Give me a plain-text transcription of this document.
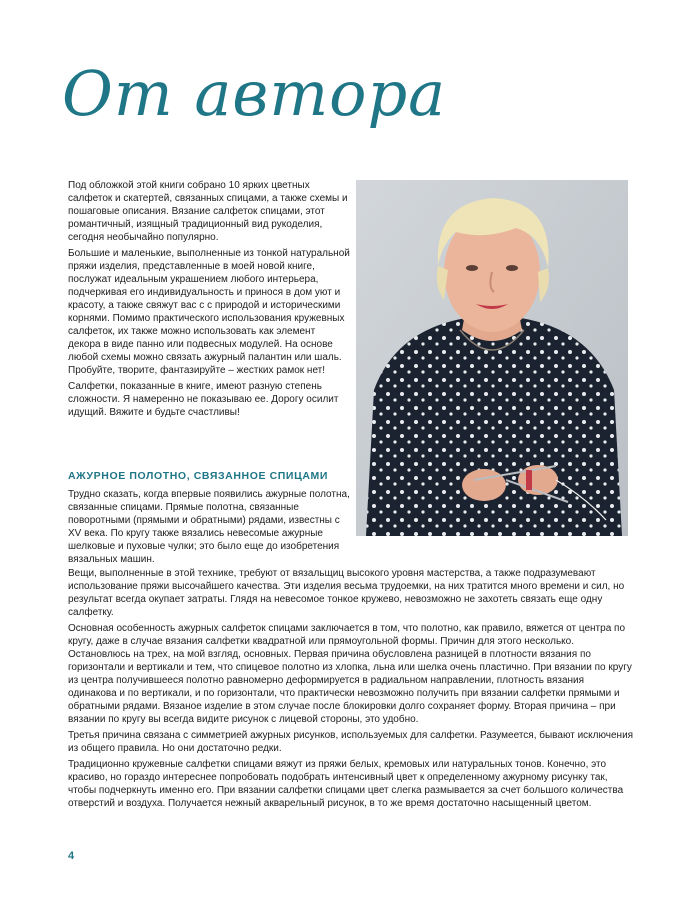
От автора

Под обложкой этой книги собрано 10 ярких цветных салфеток и скатертей, связанных спицами, а также схемы и пошаговые описания. Вязание салфеток спицами, этот романтичный, изящный традиционный вид рукоделия, сегодня необычайно популярно.

Большие и маленькие, выполненные из тонкой натуральной пряжи изделия, представленные в моей новой книге, послужат идеальным украшением любого интерьера, подчеркивая его индивидуальность и принося в дом уют и красоту, а также свяжут вас с с природой и историческими корнями. Помимо практического использования кружевных салфеток, их также можно использовать как элемент декора в виде панно или подвесных модулей. На основе любой схемы можно связать ажурный палантин или шаль. Пробуйте, творите, фантазируйте – жестких рамок нет!

Салфетки, показанные в книге, имеют разную степень сложности. Я намеренно не показываю ее. Дорогу осилит идущий. Вяжите и будьте счастливы!

АЖУРНОЕ ПОЛОТНО, СВЯЗАННОЕ СПИЦАМИ

Трудно сказать, когда впервые появились ажурные полотна, связанные спицами. Прямые полотна, связанные поворотными (прямыми и обратными) рядами, известны с XV века. По кругу также вязались невесомые ажурные шелковые и пуховые чулки; это было еще до изобретения вязальных машин.

Вещи, выполненные в этой технике, требуют от вязальщиц высокого уровня мастерства, а также подразумевают использование пряжи высочайшего качества. Эти изделия весьма трудоемки, на них тратится много времени и сил, но результат всегда окупает затраты. Глядя на невесомое тонкое кружево, невозможно не захотеть связать еще одну салфетку.

Основная особенность ажурных салфеток спицами заключается в том, что полотно, как правило, вяжется от центра по кругу, даже в случае вязания салфетки квадратной или прямоугольной формы. Причин для этого несколько. Остановлюсь на трех, на мой взгляд, основных. Первая причина обусловлена разницей в плотности вязания по горизонтали и вертикали и тем, что спицевое полотно из хлопка, льна или шелка очень пластично. При вязании по кругу из центра получившееся полотно равномерно деформируется в радиальном направлении, плотность вязания одинакова и по вертикали, и по горизонтали, что практически невозможно получить при вязании салфетки прямыми и обратными рядами. Вязаное изделие в этом случае после блокировки долго сохраняет форму. Вторая причина – при вязании по кругу вы всегда видите рисунок с лицевой стороны, это удобно.

Третья причина связана с симметрией ажурных рисунков, используемых для салфетки. Разумеется, бывают исключения из общего правила. Но они достаточно редки.

Традиционно кружевные салфетки спицами вяжут из пряжи белых, кремовых или натуральных тонов. Конечно, это красиво, но гораздо интереснее попробовать подобрать интенсивный цвет к определенному ажурному рисунку так, чтобы подчеркнуть именно его. При вязании салфетки спицами цвет слегка размывается за счет большого количества отверстий и воздуха. Получается нежный акварельный рисунок, в то же время достаточно насыщенный цветом.

4
